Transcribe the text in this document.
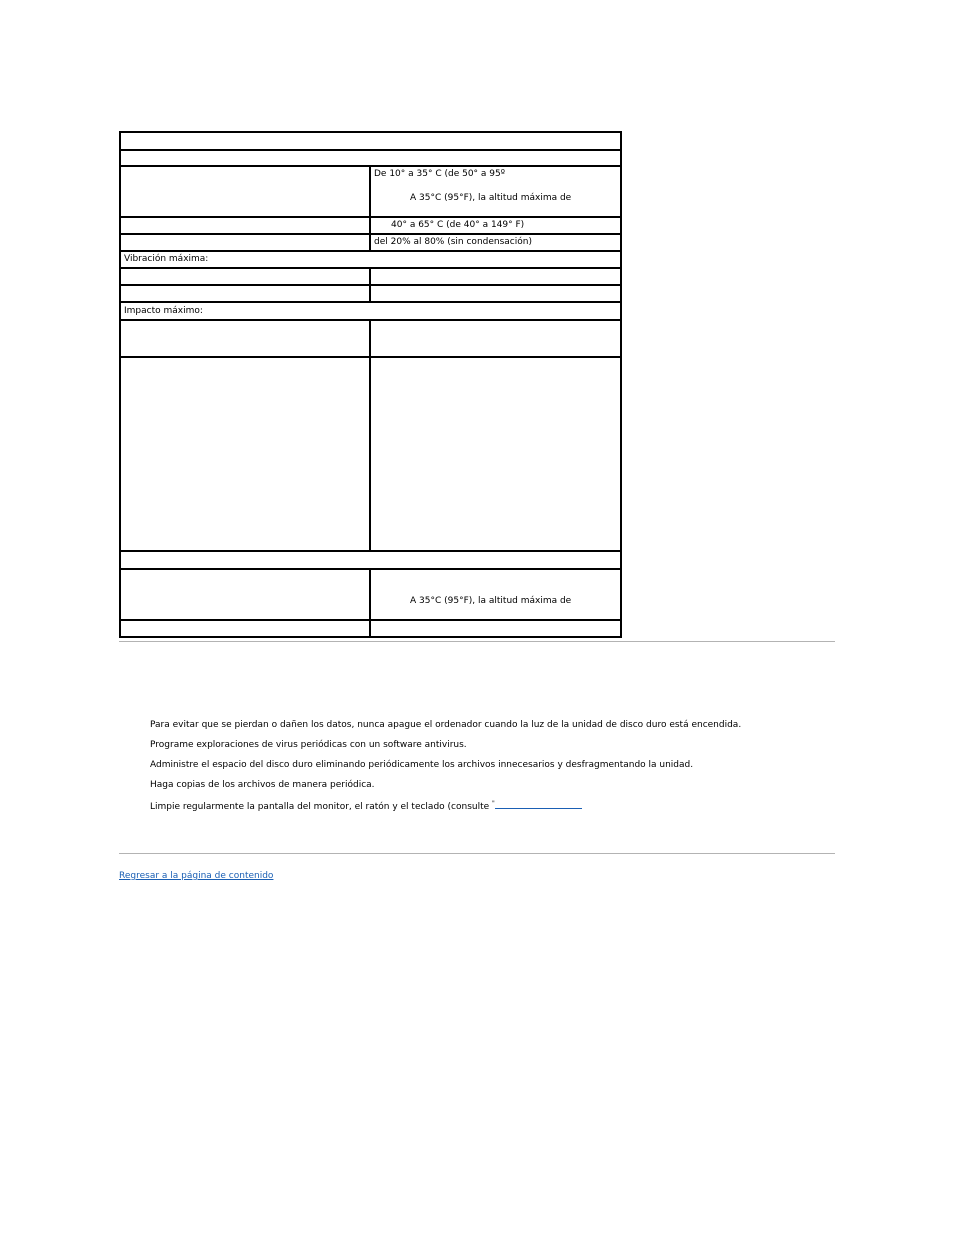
	De 10° a 35° C (de 50° a 95º
A 35°C (95°F), la altitud máxima de

	40° a 65° C (de 40° a 149° F)
	del 20% al 80% (sin condensación)
Vibración máxima:	

Impacto máximo:	

	A 35°C (95°F), la altitud máxima de

Para evitar que se pierdan o dañen los datos, nunca apague el ordenador cuando la luz de la unidad de disco duro está encendida.
Programe exploraciones de virus periódicas con un software antivirus.
Administre el espacio del disco duro eliminando periódicamente los archivos innecesarios y desfragmentando la unidad.
Haga copias de los archivos de manera periódica.
Limpie regularmente la pantalla del monitor, el ratón y el teclado (consulte "
Regresar a la página de contenido
